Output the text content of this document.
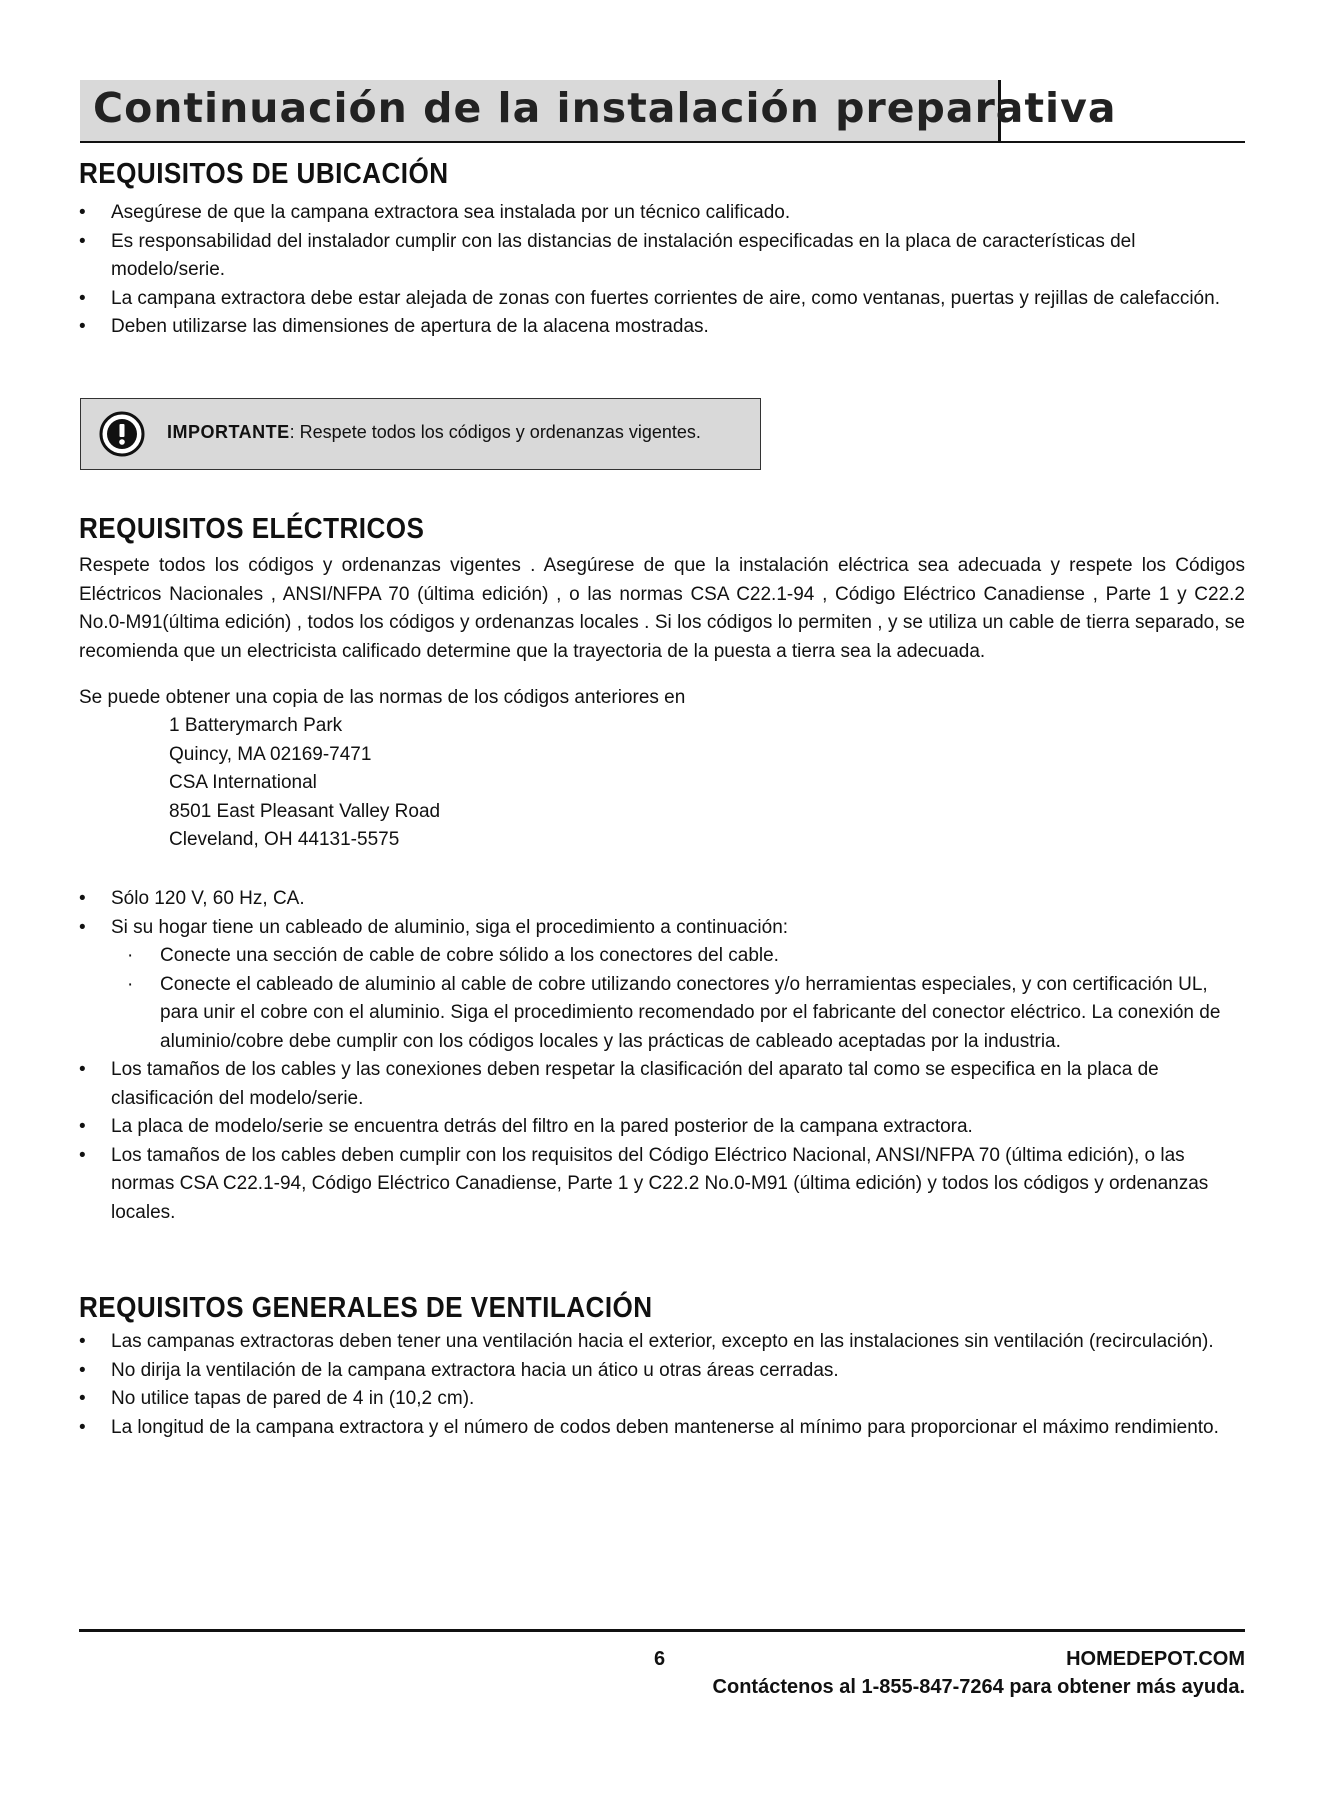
Continuación de la instalación preparativa
REQUISITOS DE UBICACIÓN
• Asegúrese de que la campana extractora sea instalada por un técnico calificado.
• Es responsabilidad del instalador cumplir con las distancias de instalación especificadas en la placa de características del modelo/serie.
• La campana extractora debe estar alejada de zonas con fuertes corrientes de aire, como ventanas, puertas y rejillas de calefacción.
• Deben utilizarse las dimensiones de apertura de la alacena mostradas.
IMPORTANTE: Respete todos los códigos y ordenanzas vigentes.
REQUISITOS ELÉCTRICOS

Respete todos los códigos y ordenanzas vigentes . Asegúrese de que la instalación eléctrica sea adecuada y respete los Códigos Eléctricos Nacionales , ANSI/NFPA 70 (última edición) , o las normas CSA C22.1-94 , Código Eléctrico Canadiense , Parte 1 y C22.2 No.0-M91(última edición) , todos los códigos y ordenanzas locales . Si los códigos lo permiten , y se utiliza un cable de tierra separado, se recomienda que un electricista calificado determine que la trayectoria de la puesta a tierra sea la adecuada.

Se puede obtener una copia de las normas de los códigos anteriores en

1 Batterymarch Park
Quincy, MA 02169-7471
CSA International
8501 East Pleasant Valley Road
Cleveland, OH 44131-5575
• Sólo 120 V, 60 Hz, CA.
• Si su hogar tiene un cableado de aluminio, siga el procedimiento a continuación:
· Conecte una sección de cable de cobre sólido a los conectores del cable.
· Conecte el cableado de aluminio al cable de cobre utilizando conectores y/o herramientas especiales, y con certificación UL, para unir el cobre con el aluminio. Siga el procedimiento recomendado por el fabricante del conector eléctrico. La conexión de aluminio/cobre debe cumplir con los códigos locales y las prácticas de cableado aceptadas por la industria.
• Los tamaños de los cables y las conexiones deben respetar la clasificación del aparato tal como se especifica en la placa de clasificación del modelo/serie.
• La placa de modelo/serie se encuentra detrás del filtro en la pared posterior de la campana extractora.
• Los tamaños de los cables deben cumplir con los requisitos del Código Eléctrico Nacional, ANSI/NFPA 70 (última edición), o las normas CSA C22.1-94, Código Eléctrico Canadiense, Parte 1 y C22.2 No.0-M91 (última edición) y todos los códigos y ordenanzas locales.
REQUISITOS GENERALES DE VENTILACIÓN
• Las campanas extractoras deben tener una ventilación hacia el exterior, excepto en las instalaciones sin ventilación (recirculación).
• No dirija la ventilación de la campana extractora hacia un ático u otras áreas cerradas.
• No utilice tapas de pared de 4 in (10,2 cm).
• La longitud de la campana extractora y el número de codos deben mantenerse al mínimo para proporcionar el máximo rendimiento.
6	HOMEDEPOT.COM
Contáctenos al 1-855-847-7264 para obtener más ayuda.
